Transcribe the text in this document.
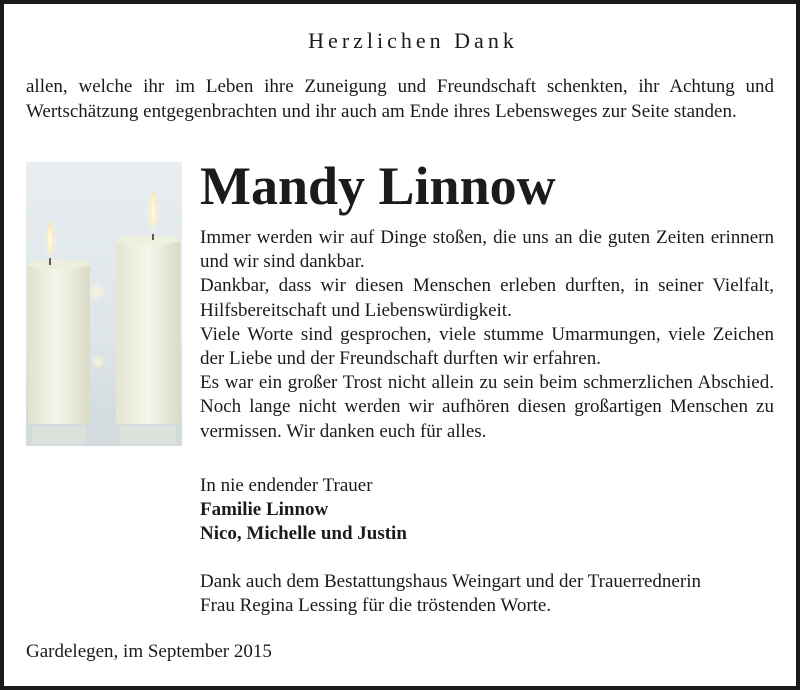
Herzlichen Dank
allen, welche ihr im Leben ihre Zuneigung und Freundschaft schenkten, ihr Achtung und Wertschätzung entgegenbrachten und ihr auch am Ende ihres Lebensweges zur Seite standen.
Mandy Linnow

Immer werden wir auf Dinge stoßen, die uns an die guten Zeiten erinnern und wir sind dankbar.

Dankbar, dass wir diesen Menschen erleben durften, in seiner Vielfalt, Hilfsbereitschaft und Liebenswürdigkeit.

Viele Worte sind gesprochen, viele stumme Umarmungen, viele Zeichen der Liebe und der Freundschaft durften wir erfahren.

Es war ein großer Trost nicht allein zu sein beim schmerzlichen Abschied. Noch lange nicht werden wir aufhören diesen großartigen Menschen zu vermissen. Wir danken euch für alles.

In nie endender Trauer
Familie Linnow
Nico, Michelle und Justin
Dank auch dem Bestattungshaus Weingart und der Trauerrednerin
Frau Regina Lessing für die tröstenden Worte.
Gardelegen, im September 2015
